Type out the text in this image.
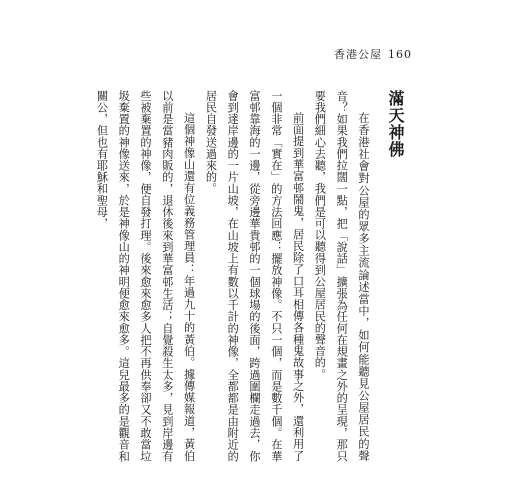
香港公屋 160
滿天神佛

在香港社會對公屋的眾多主流論述當中，如何能聽見公屋居民的聲音？如果我們拉闊一點，把「說話」擴張為任何在規畫之外的呈現，那只要我們細心去聽，我們是可以聽得到公屋居民的聲音的。

前面提到華富邨鬧鬼，居民除了口耳相傳各種鬼故事之外，還利用了一個非常「實在」的方法回應：擺放神像。不只一個，而是數千個。在華富邨靠海的一邊，從旁邊華貴邨的一個球場的後面，跨過圍欄走過去，你會到達岸邊的一片山坡，在山坡上有數以千計的神像，全都都是由附近的居民自發送過來的。

這個神像山還有位義務管理員：年過九十的黃伯。據傳媒報道，黃伯以前是當豬肉販的，退休後來到華富邨生活；自覺殺生太多，見到岸邊有些被棄置的神像，便自發打理。後來愈來愈多人把不再供奉卻又不敢當垃圾棄置的神像送來，於是神像山的神明便愈來愈多。這兒最多的是觀音和關公，但也有耶穌和聖母，
